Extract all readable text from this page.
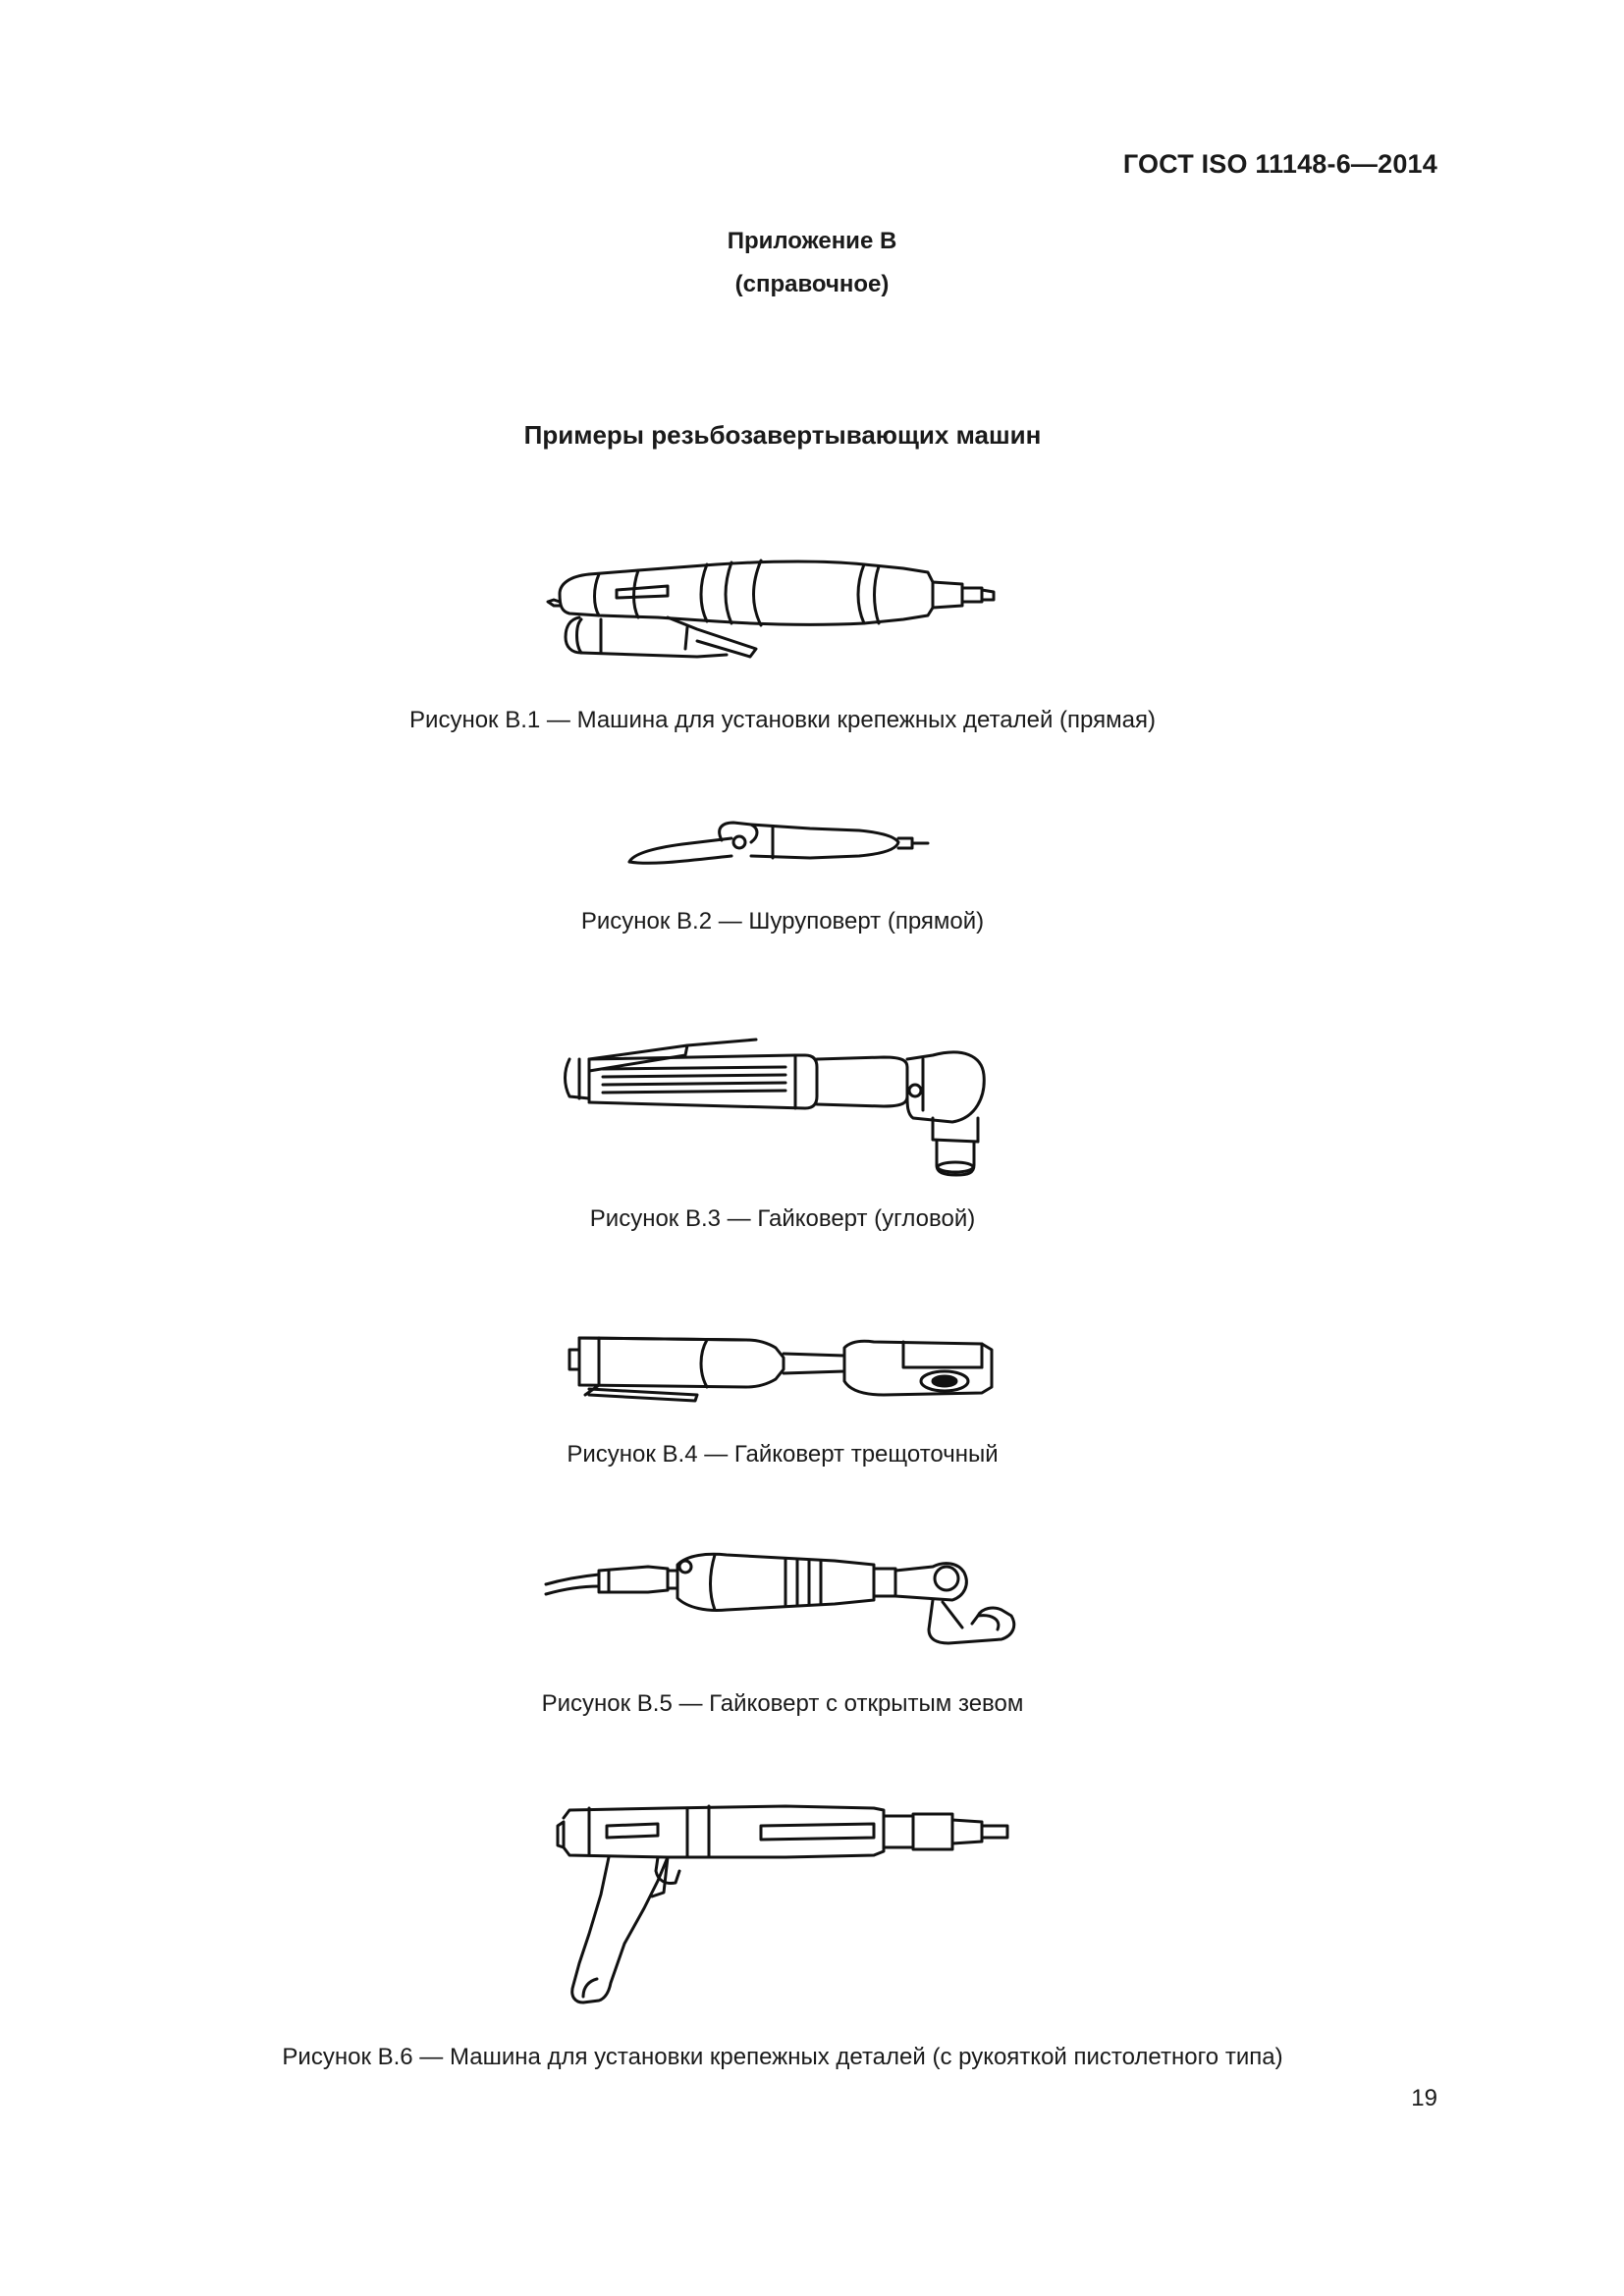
ГОСТ ISO 11148-6—2014
Приложение В
(справочное)
Примеры резьбозавертывающих машин
Рисунок В.1 — Машина для установки крепежных деталей (прямая)
Рисунок В.2 — Шуруповерт (прямой)
Рисунок В.3 — Гайковерт (угловой)
Рисунок В.4 — Гайковерт трещоточный
Рисунок В.5 — Гайковерт с открытым зевом
Рисунок В.6 — Машина для установки крепежных деталей (с рукояткой пистолетного типа)
19
